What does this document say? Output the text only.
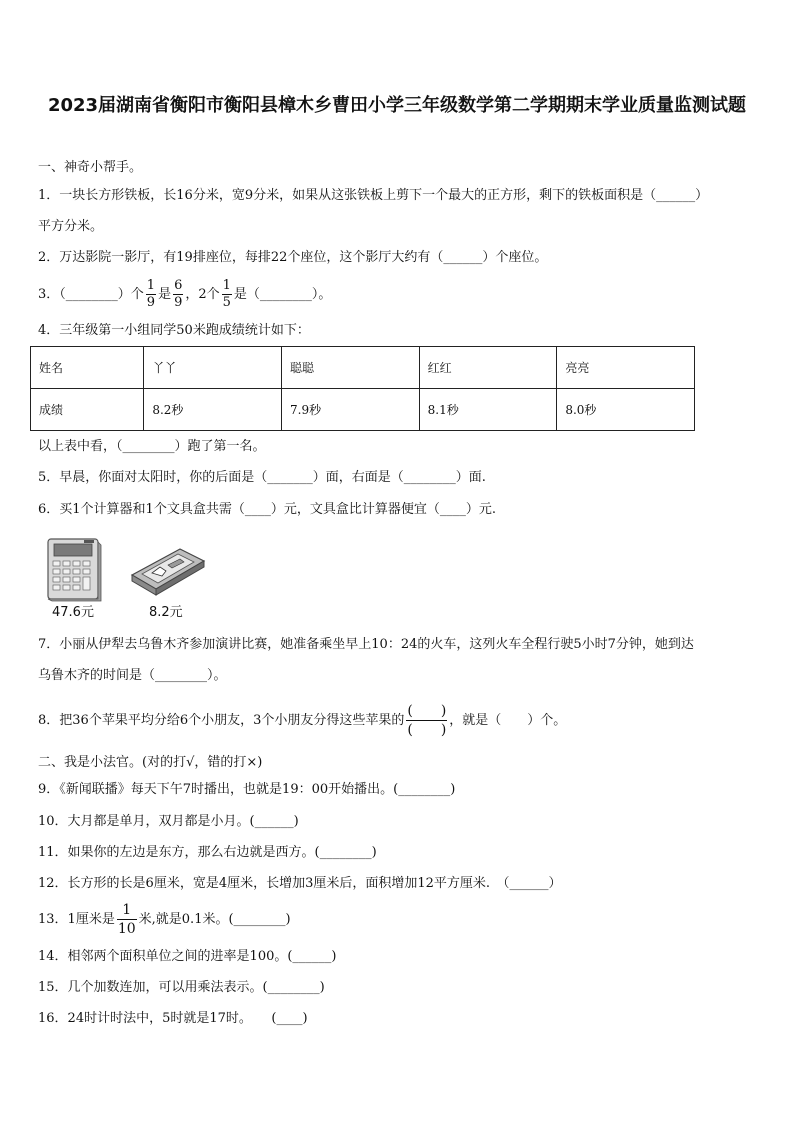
2023届湖南省衡阳市衡阳县樟木乡曹田小学三年级数学第二学期期末学业质量监测试题
一、神奇小帮手。
1．一块长方形铁板，长16分米，宽9分米，如果从这张铁板上剪下一个最大的正方形，剩下的铁板面积是（______）
平方分米。
2．万达影院一影厅，有19排座位，每排22个座位，这个影厅大约有（______）个座位。
3．（________）个 $\frac{1}{9}$ 是 $\frac{6}{9}$ ，2个 $\frac{1}{5}$ 是（________）。
4．三年级第一小组同学50米跑成绩统计如下：
姓名	丫丫	聪聪	红红	亮亮
成绩	8.2秒	7.9秒	8.1秒	8.0秒
以上表中看，（________）跑了第一名。
5．早晨，你面对太阳时，你的后面是（_______）面，右面是（________）面.
6．买1个计算器和1个文具盒共需（____）元，文具盒比计算器便宜（____）元.
47.6元	8.2元
7．小丽从伊犁去乌鲁木齐参加演讲比赛，她准备乘坐早上10：24的火车，这列火车全程行驶5小时7分钟，她到达
乌鲁木齐的时间是（________）。
8．把36个苹果平均分给6个小朋友，3个小朋友分得这些苹果的 $\frac{( )}{( )}$ ，就是（　　）个。
二、我是小法官。(对的打√，错的打×)
9．《新闻联播》每天下午7时播出，也就是19：00开始播出。(________)
10．大月都是单月，双月都是小月。(______)
11．如果你的左边是东方，那么右边就是西方。(________)
12．长方形的长是6厘米，宽是4厘米，长增加3厘米后，面积增加12平方厘米.　（______）
13．1厘米是 $\frac{1}{10}$ 米,就是0.1米。(________)
14．相邻两个面积单位之间的进率是100。(______)
15．几个加数连加，可以用乘法表示。(________)
16．24时计时法中，5时就是17时。　　(____)
